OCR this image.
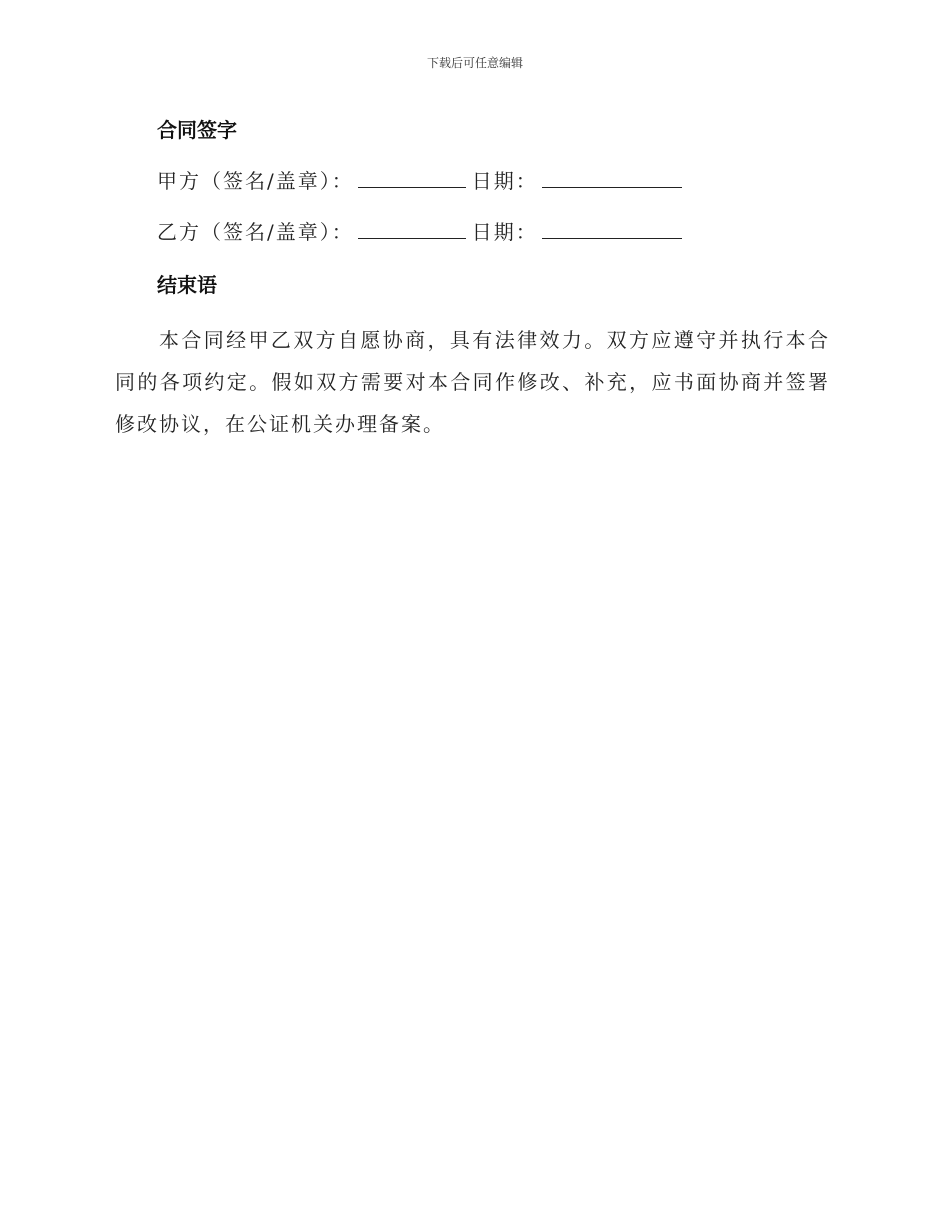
下载后可任意编辑
合同签字
甲方（签名/盖章）：	日期：
乙方（签名/盖章）：	日期：
结束语
本合同经甲乙双方自愿协商，具有法律效力。双方应遵守并执行本合同的各项约定。假如双方需要对本合同作修改、补充，应书面协商并签署修改协议，在公证机关办理备案。
